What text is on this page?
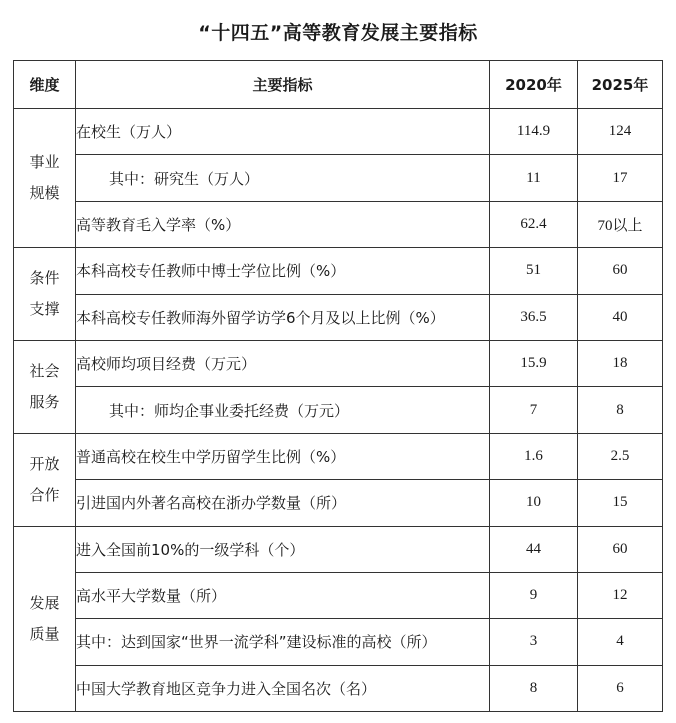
“十四五”高等教育发展主要指标
维度	主要指标	2020年	2025年

事业
规模	在校生（万人）	114.9	124
	其中：研究生（万人）	11	17
	高等教育毛入学率（%）	62.4	70以上

条件
支撑	本科高校专任教师中博士学位比例（%）	51	60
	本科高校专任教师海外留学访学6个月及以上比例（%）	36.5	40

社会
服务	高校师均项目经费（万元）	15.9	18
	其中：师均企事业委托经费（万元）	7	8

开放
合作	普通高校在校生中学历留学生比例（%）	1.6	2.5
	引进国内外著名高校在浙办学数量（所）	10	15

发展
质量	进入全国前10%的一级学科（个）	44	60
	高水平大学数量（所）	9	12
	其中：达到国家“世界一流学科”建设标准的高校（所）	3	4
	中国大学教育地区竞争力进入全国名次（名）	8	6
